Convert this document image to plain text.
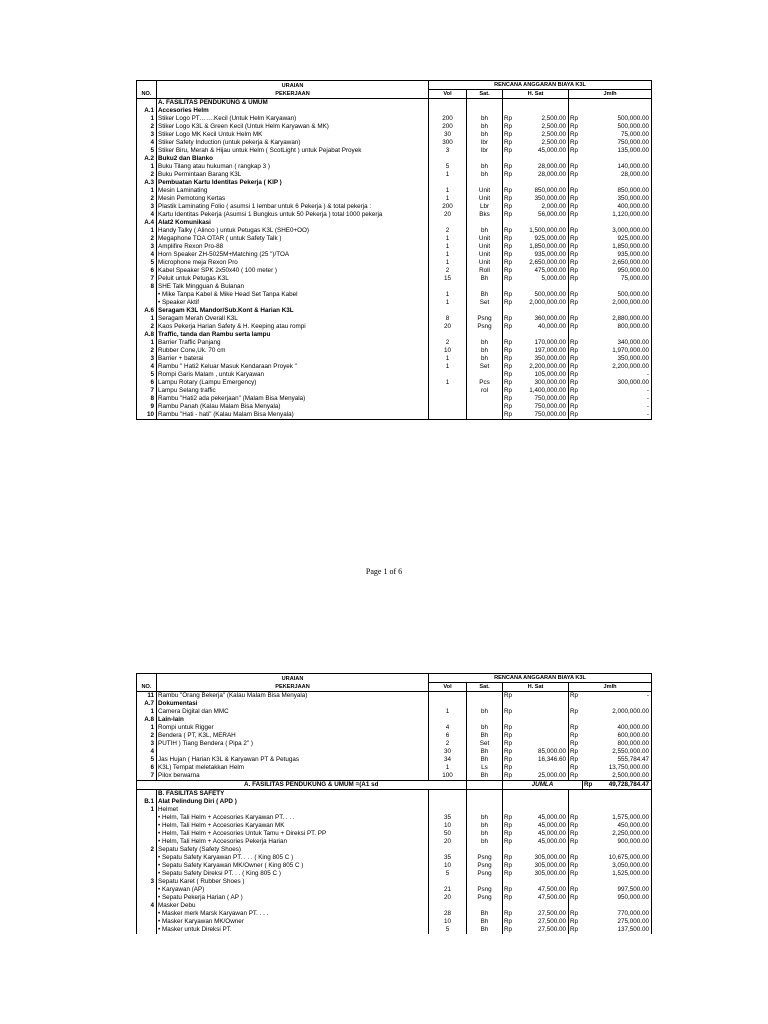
NO.	URAIAN
PEKERJAAN	RENCANA ANGGARAN BIAYA K3L					
		Vol	Sat.	H. Sat		Jmlh	
	A. FASILITAS PENDUKUNG & UMUM						
A.1	Accesories Helm						
1	Stiker Logo PT…….Kecil (Untuk Helm Karyawan)	200	bh	Rp	2,500.00	Rp	500,000.00
2	Stiker Logo K3L & Green Kecil (Untuk Helm Karyawan & MK)	200	bh	Rp	2,500.00	Rp	500,000.00
3	Stiker Logo MK Kecil Untuk Helm MK	30	bh	Rp	2,500.00	Rp	75,000.00
4	Stiker Safety Induction (untuk pekerja & Karyawan)	300	lbr	Rp	2,500.00	Rp	750,000.00
5	Stiker Biru, Merah & Hijau untuk Helm ( ScotLight ) untuk Pejabat Proyek	3	lbr	Rp	45,000.00	Rp	135,000.00
A.2	Buku2 dan Blanko						
1	Buku Tilang atau hukuman ( rangkap 3 )	5	bh	Rp	28,000.00	Rp	140,000.00
2	Buku Permintaan Barang K3L	1	bh	Rp	28,000.00	Rp	28,000.00
A.3	Pembuatan Kartu Identitas Pekerja ( KIP )						
1	Mesin Laminating	1	Unit	Rp	850,000.00	Rp	850,000.00
2	Mesin Pemotong Kertas	1	Unit	Rp	350,000.00	Rp	350,000.00
3	Plastik Laminating Folio ( asumsi 1 lembar untuk 6 Pekerja ) & total pekerja :	200	Lbr	Rp	2,000.00	Rp	400,000.00
4	Kartu Identitas Pekerja (Asumsi 1 Bungkus untuk 50 Pekerja ) total 1000 pekerja	20	Bks	Rp	56,000.00	Rp	1,120,000.00
A.4	Alat2 Komunikasi						
1	Handy Talky ( Alinco ) untuk Petugas K3L (SHE0+OO)	2	bh	Rp	1,500,000.00	Rp	3,000,000.00
2	Megaphone TOA OTAR ( untuk Safety Talk )	1	Unit	Rp	925,000.00	Rp	925,000.00
3	Amplifire Rexon Pro-88	1	Unit	Rp	1,850,000.00	Rp	1,850,000.00
4	Horn Speaker ZH-5025M+Matching (25 ")/TOA	1	Unit	Rp	935,000.00	Rp	935,000.00
5	Microphone meja Rexon Pro	1	Unit	Rp	2,650,000.00	Rp	2,650,000.00
6	Kabel Speaker SPK 2x50x40 ( 100 meter )	2	Roll	Rp	475,000.00	Rp	950,000.00
7	Peluit untuk Petugas K3L	15	Bh	Rp	5,000.00	Rp	75,000.00
8	SHE Talk Mingguan & Bulanan						
	• Mike Tanpa Kabel & Mike Head Set Tanpa Kabel	1	Bh	Rp	500,000.00	Rp	500,000.00
	• Speaker Aktif	1	Set	Rp	2,000,000.00	Rp	2,000,000.00
A.6	Seragam K3L Mandor/Sub.Kont & Harian K3L						
1	Seragam Merah Overall K3L	8	Psng	Rp	360,000.00	Rp	2,880,000.00
2	Kaos Pekerja Harian Safety & H. Keeping atau rompi	20	Psng	Rp	40,000.00	Rp	800,000.00
A.8	Traffic, tanda dan Rambu serta lampu						
1	Barrier Traffic Panjang	2	bh	Rp	170,000.00	Rp	340,000.00
2	Rubber Cone,Uk. 70 cm	10	bh	Rp	197,000.00	Rp	1,970,000.00
3	Barrier + baterai	1	bh	Rp	350,000.00	Rp	350,000.00
4	Rambu " Hati2 Keluar Masuk Kendaraan Proyek "	1	Set	Rp	2,200,000.00	Rp	2,200,000.00
5	Rompi Garis Malam , untuk Karyawan			Rp	105,000.00	Rp	-
6	Lampu Rotary (Lampu Emergency)	1	Pcs	Rp	300,000.00	Rp	300,000.00
7	Lampu Selang traffic		rol	Rp	1,400,000.00	Rp	-
8	Rambu "Hati2 ada pekerjaan" (Malam Bisa Menyala)			Rp	750,000.00	Rp	-
9	Rambu Panah (Kalau Malam Bisa Menyala)			Rp	750,000.00	Rp	-
10	Rambu "Hati - hati" (Kalau Malam Bisa Menyala)			Rp	750,000.00	Rp	-
Page 1 of 6
NO.	URAIAN
PEKERJAAN	RENCANA ANGGARAN BIAYA K3L					
		Vol	Sat.	H. Sat		Jmlh	
11	Rambu "Orang Bekerja" (Kalau Malam Bisa Menyala)			Rp		Rp	-
A.7	Dokumentasi						
1	Camera Digital dan MMC	1	bh	Rp		Rp	2,000,000.00
A.8	Lain-lain						
1	Rompi untuk Rigger	4	bh	Rp		Rp	400,000.00
2	Bendera ( PT, K3L, MERAH	6	Bh	Rp		Rp	600,000.00
3	PUTIH ) Tiang Bendera ( Pipa 2" )	2	Set	Rp		Rp	800,000.00
4		30	Bh	Rp	85,000.00	Rp	2,550,000.00
5	Jas Hujan ( Harian K3L & Karyawan PT & Petugas	34	Bh	Rp	16,346.60	Rp	555,784.47
6	K3L) Tempat meletakkan Helm	1	Ls	Rp		Rp	13,750,000.00
7	Pilox berwarna	100	Bh	Rp	25,000.00	Rp	2,500,000.00
	A. FASILITAS PENDUKUNG & UMUM =(A1 sd			JUMLA			Rp 49,728,784.47
	B. FASILITAS SAFETY						
B.1	Alat Pelindung Diri ( APD )						
1	Helmet						
	• Helm, Tali Helm + Accesories Karyawan PT. . . .	35	bh	Rp	45,000.00	Rp	1,575,000.00
	• Helm, Tali Helm + Accesories Karyawan MK	10	bh	Rp	45,000.00	Rp	450,000.00
	• Helm, Tali Helm + Accesories Untuk Tamu + Direksi PT. PP	50	bh	Rp	45,000.00	Rp	2,250,000.00
	• Helm, Tali Helm + Accesories Pekerja Harian	20	bh	Rp	45,000.00	Rp	900,000.00
2	Sepatu Safety (Safety Shoes)						
	• Sepatu Safety Karyawan PT. . . . ( King 805 C )	35	Psng	Rp	305,000.00	Rp	10,675,000.00
	• Sepatu Safety Karyawan MK/Owner ( King 805 C )	10	Psng	Rp	305,000.00	Rp	3,050,000.00
	• Sepatu Safety Direksi PT. . . ( King 805 C )	5	Psng	Rp	305,000.00	Rp	1,525,000.00
3	Sepatu Karet ( Rubber Shoes )						
	• Karyawan (AP)	21	Psng	Rp	47,500.00	Rp	997,500.00
	• Sepatu Pekerja Harian ( AP )	20	Psng	Rp	47,500.00	Rp	950,000.00
4	Masker Debu						
	• Masker merk Marsk Karyawan PT. . . .	28	Bh	Rp	27,500.00	Rp	770,000.00
	• Masker Karyawan MK/Owner	10	Bh	Rp	27,500.00	Rp	275,000.00
	• Masker untuk Direksi PT.	5	Bh	Rp	27,500.00	Rp	137,500.00
